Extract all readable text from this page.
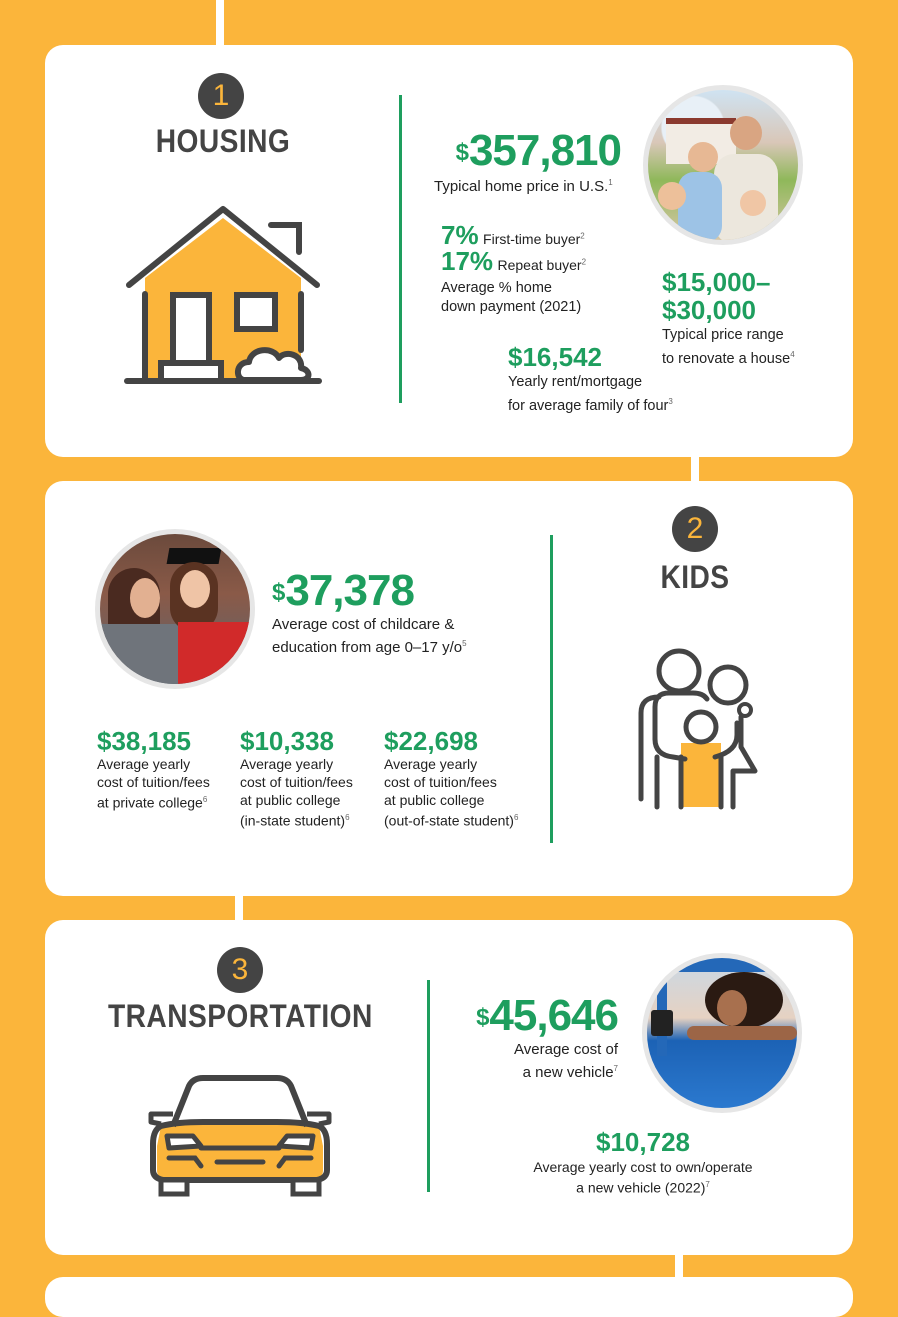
1
HOUSING	$357,810
Typical home price in U.S.$^1$
7% First-time buyer$^2$
17% Repeat buyer$^2$
Average % home
down payment (2021)
$15,000–
$30,000
Typical price range
to renovate a house$^4$
$16,542
Yearly rent/mortgage
for average family of four$^3$
$37,378
Average cost of childcare &
education from age 0–17 $y/o^5$
$38,185
Average yearly
cost of tuition/fees
at private college$^6$
$10,338
Average yearly
cost of tuition/fees
at public college
(in-state student)$^6$
$22,698
Average yearly
cost of tuition/fees
at public college
(out-of-state student)$^6$
2
KIDS
3
TRANSPORTATION	$45,646
Average cost of
a new vehicle$^7$
$10,728
Average yearly cost to own/operate
a new vehicle $(2022)^7$
